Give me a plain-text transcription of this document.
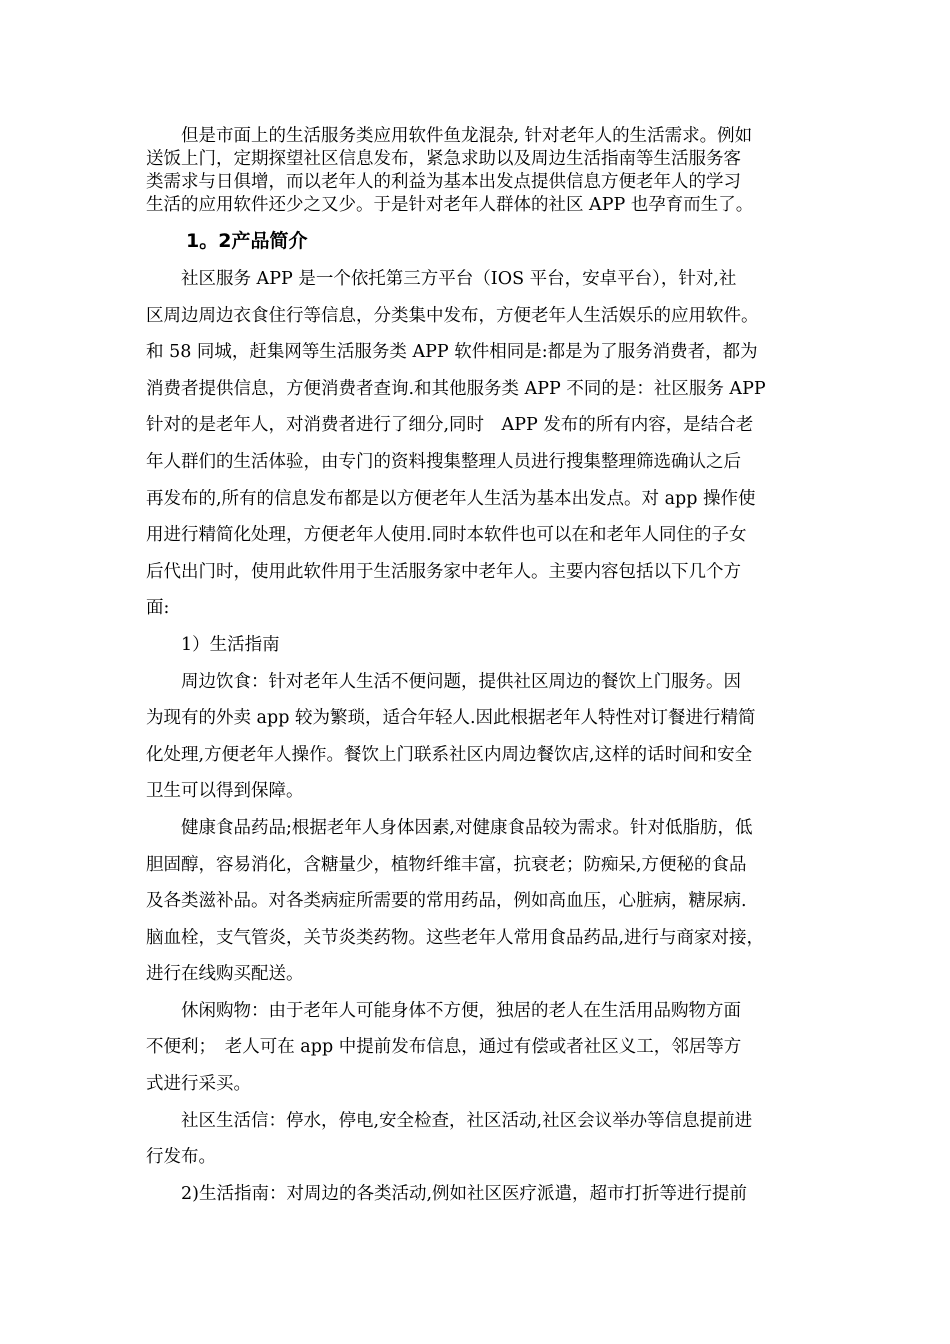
　　但是市面上的生活服务类应用软件鱼龙混杂, 针对老年人的生活需求。例如
送饭上门，定期探望社区信息发布，紧急求助以及周边生活指南等生活服务客
类需求与日俱增，而以老年人的利益为基本出发点提供信息方便老年人的学习
生活的应用软件还少之又少。于是针对老年人群体的社区 APP 也孕育而生了。
1。2产品简介
　　社区服务 APP 是一个依托第三方平台（IOS 平台，安卓平台），针对,社
区周边周边衣食住行等信息，分类集中发布，方便老年人生活娱乐的应用软件。
和 58 同城，赶集网等生活服务类 APP 软件相同是:都是为了服务消费者，都为
消费者提供信息，方便消费者查询.和其他服务类 APP 不同的是：社区服务 APP
针对的是老年人，对消费者进行了细分,同时　APP 发布的所有内容，是结合老
年人群们的生活体验，由专门的资料搜集整理人员进行搜集整理筛选确认之后
再发布的,所有的信息发布都是以方便老年人生活为基本出发点。对 app 操作使
用进行精简化处理，方便老年人使用.同时本软件也可以在和老年人同住的子女
后代出门时，使用此软件用于生活服务家中老年人。主要内容包括以下几个方
面:
　　1）生活指南
　　周边饮食：针对老年人生活不便问题，提供社区周边的餐饮上门服务。因
为现有的外卖 app 较为繁琐，适合年轻人.因此根据老年人特性对订餐进行精简
化处理,方便老年人操作。餐饮上门联系社区内周边餐饮店,这样的话时间和安全
卫生可以得到保障。
　　健康食品药品;根据老年人身体因素,对健康食品较为需求。针对低脂肪，低
胆固醇，容易消化，含糖量少，植物纤维丰富，抗衰老；防痴呆,方便秘的食品
及各类滋补品。对各类病症所需要的常用药品，例如高血压，心脏病，糖尿病.
脑血栓，支气管炎，关节炎类药物。这些老年人常用食品药品,进行与商家对接，
进行在线购买配送。
　　休闲购物：由于老年人可能身体不方便，独居的老人在生活用品购物方面
不便利；　老人可在 app 中提前发布信息，通过有偿或者社区义工，邻居等方
式进行采买。
　　社区生活信：停水，停电,安全检查，社区活动,社区会议举办等信息提前进
行发布。
　　2)生活指南：对周边的各类活动,例如社区医疗派遣，超市打折等进行提前
